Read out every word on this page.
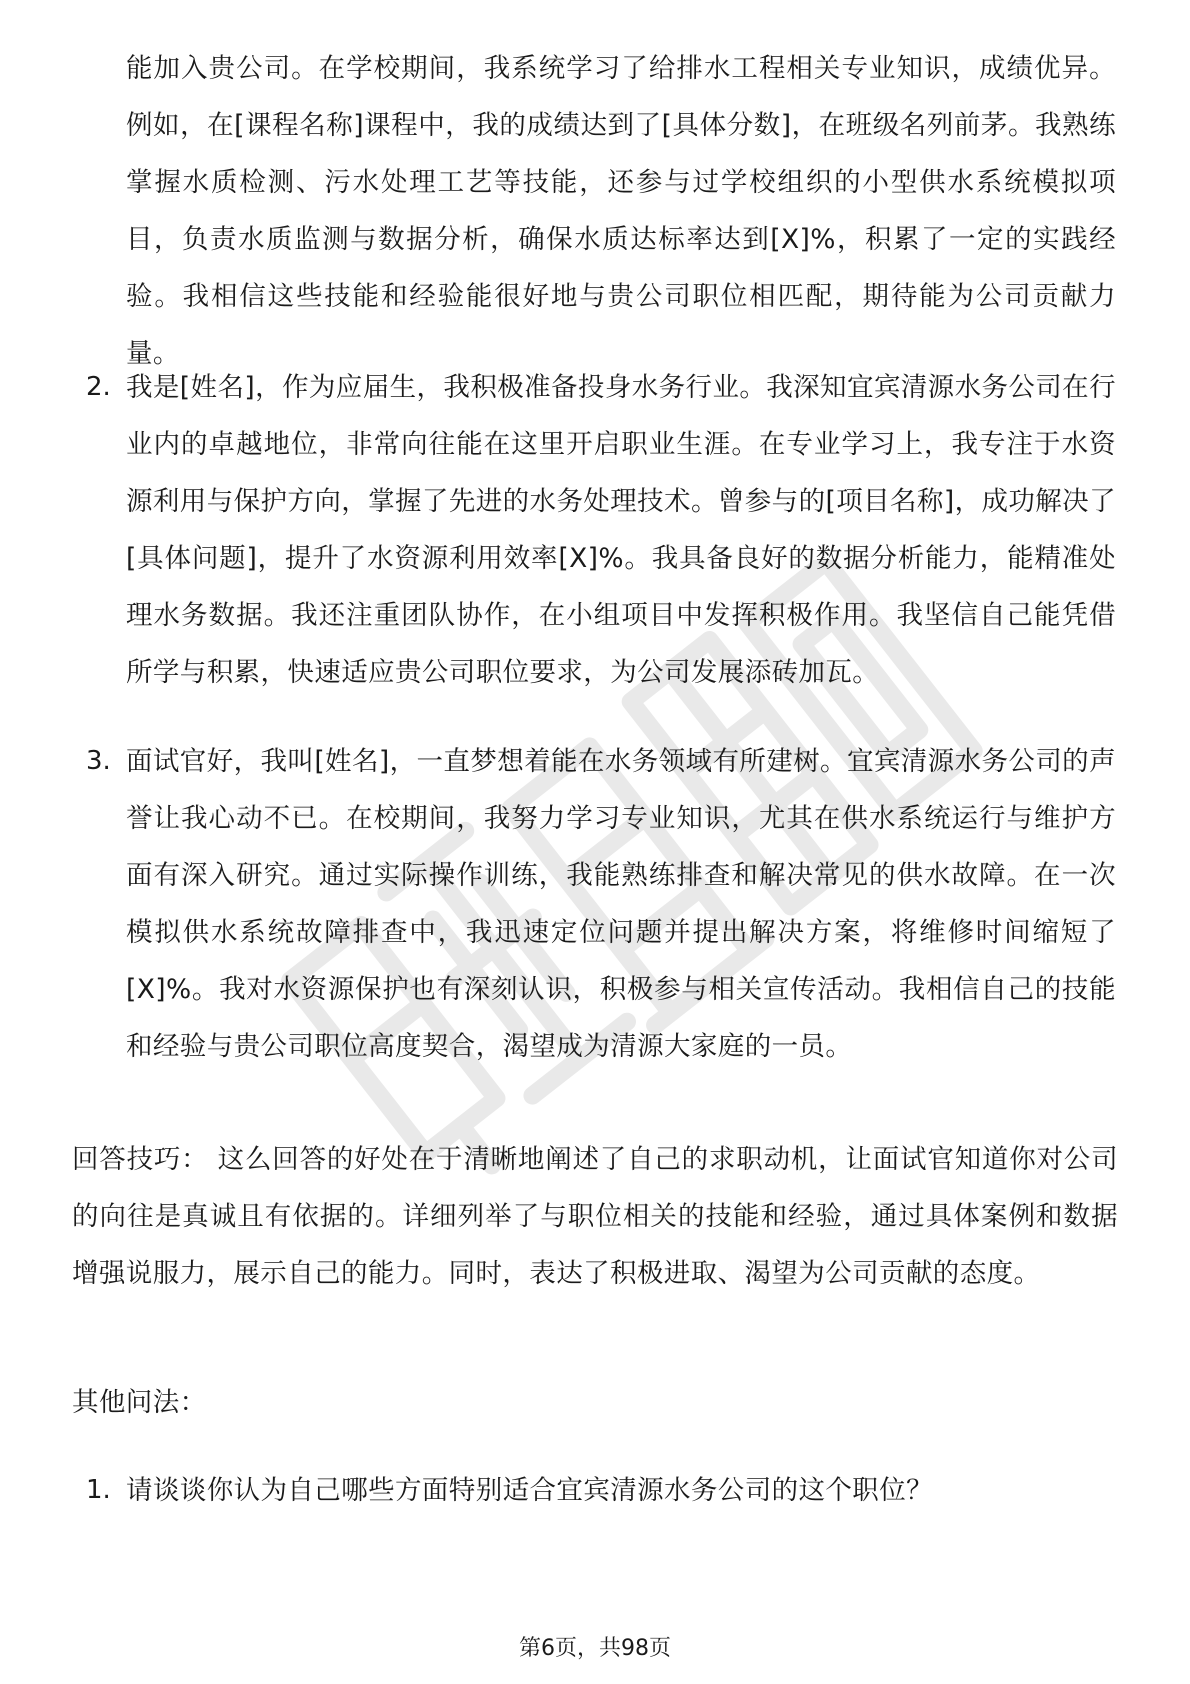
能加入贵公司。在学校期间，我系统学习了给排水工程相关专业知识，成绩优异。例如，在[课程名称]课程中，我的成绩达到了[具体分数]，在班级名列前茅。我熟练掌握水质检测、污水处理工艺等技能，还参与过学校组织的小型供水系统模拟项目，负责水质监测与数据分析，确保水质达标率达到[X]%，积累了一定的实践经验。我相信这些技能和经验能很好地与贵公司职位相匹配，期待能为公司贡献力量。

2. 我是[姓名]，作为应届生，我积极准备投身水务行业。我深知宜宾清源水务公司在行业内的卓越地位，非常向往能在这里开启职业生涯。在专业学习上，我专注于水资源利用与保护方向，掌握了先进的水务处理技术。曾参与的[项目名称]，成功解决了[具体问题]，提升了水资源利用效率[X]%。我具备良好的数据分析能力，能精准处理水务数据。我还注重团队协作，在小组项目中发挥积极作用。我坚信自己能凭借所学与积累，快速适应贵公司职位要求，为公司发展添砖加瓦。

3. 面试官好，我叫[姓名]，一直梦想着能在水务领域有所建树。宜宾清源水务公司的声誉让我心动不已。在校期间，我努力学习专业知识，尤其在供水系统运行与维护方面有深入研究。通过实际操作训练，我能熟练排查和解决常见的供水故障。在一次模拟供水系统故障排查中，我迅速定位问题并提出解决方案，将维修时间缩短了[X]%。我对水资源保护也有深刻认识，积极参与相关宣传活动。我相信自己的技能和经验与贵公司职位高度契合，渴望成为清源大家庭的一员。

回答技巧： 这么回答的好处在于清晰地阐述了自己的求职动机，让面试官知道你对公司的向往是真诚且有依据的。详细列举了与职位相关的技能和经验，通过具体案例和数据增强说服力，展示自己的能力。同时，表达了积极进取、渴望为公司贡献的态度。

其他问法：

1. 请谈谈你认为自己哪些方面特别适合宜宾清源水务公司的这个职位？

第6页，共98页
